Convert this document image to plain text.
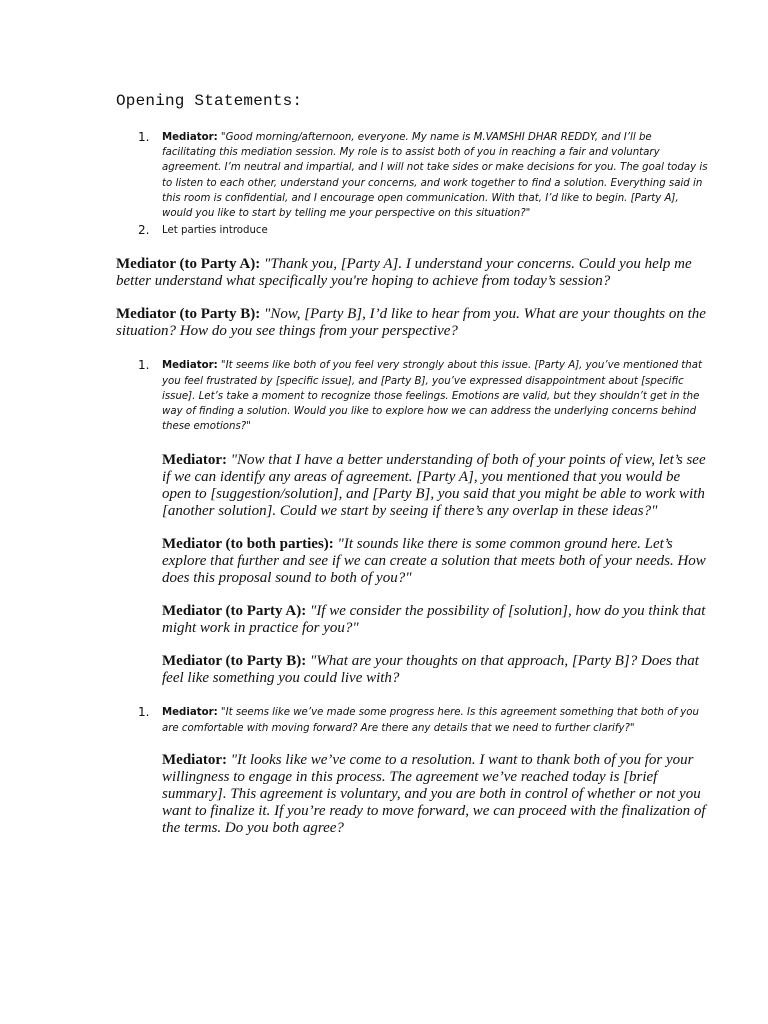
Opening Statements:
1. Mediator: "Good morning/afternoon, everyone. My name is M.VAMSHI DHAR REDDY, and I’ll be facilitating this mediation session. My role is to assist both of you in reaching a fair and voluntary agreement. I’m neutral and impartial, and I will not take sides or make decisions for you. The goal today is to listen to each other, understand your concerns, and work together to find a solution. Everything said in this room is confidential, and I encourage open communication. With that, I’d like to begin. [Party A], would you like to start by telling me your perspective on this situation?"
2. Let parties introduce

Mediator (to Party A): "Thank you, [Party A]. I understand your concerns. Could you help me better understand what specifically you're hoping to achieve from today’s session?

Mediator (to Party B): "Now, [Party B], I’d like to hear from you. What are your thoughts on the situation? How do you see things from your perspective?

1. Mediator: "It seems like both of you feel very strongly about this issue. [Party A], you’ve mentioned that you feel frustrated by [specific issue], and [Party B], you’ve expressed disappointment about [specific issue]. Let’s take a moment to recognize those feelings. Emotions are valid, but they shouldn’t get in the way of finding a solution. Would you like to explore how we can address the underlying concerns behind these emotions?"

Mediator: "Now that I have a better understanding of both of your points of view, let’s see if we can identify any areas of agreement. [Party A], you mentioned that you would be open to [suggestion/solution], and [Party B], you said that you might be able to work with [another solution]. Could we start by seeing if there’s any overlap in these ideas?"

Mediator (to both parties): "It sounds like there is some common ground here. Let’s explore that further and see if we can create a solution that meets both of your needs. How does this proposal sound to both of you?"

Mediator (to Party A): "If we consider the possibility of [solution], how do you think that might work in practice for you?"

Mediator (to Party B): "What are your thoughts on that approach, [Party B]? Does that feel like something you could live with?

1. Mediator: "It seems like we’ve made some progress here. Is this agreement something that both of you are comfortable with moving forward? Are there any details that we need to further clarify?"

Mediator: "It looks like we’ve come to a resolution. I want to thank both of you for your willingness to engage in this process. The agreement we’ve reached today is [brief summary]. This agreement is voluntary, and you are both in control of whether or not you want to finalize it. If you’re ready to move forward, we can proceed with the finalization of the terms. Do you both agree?
